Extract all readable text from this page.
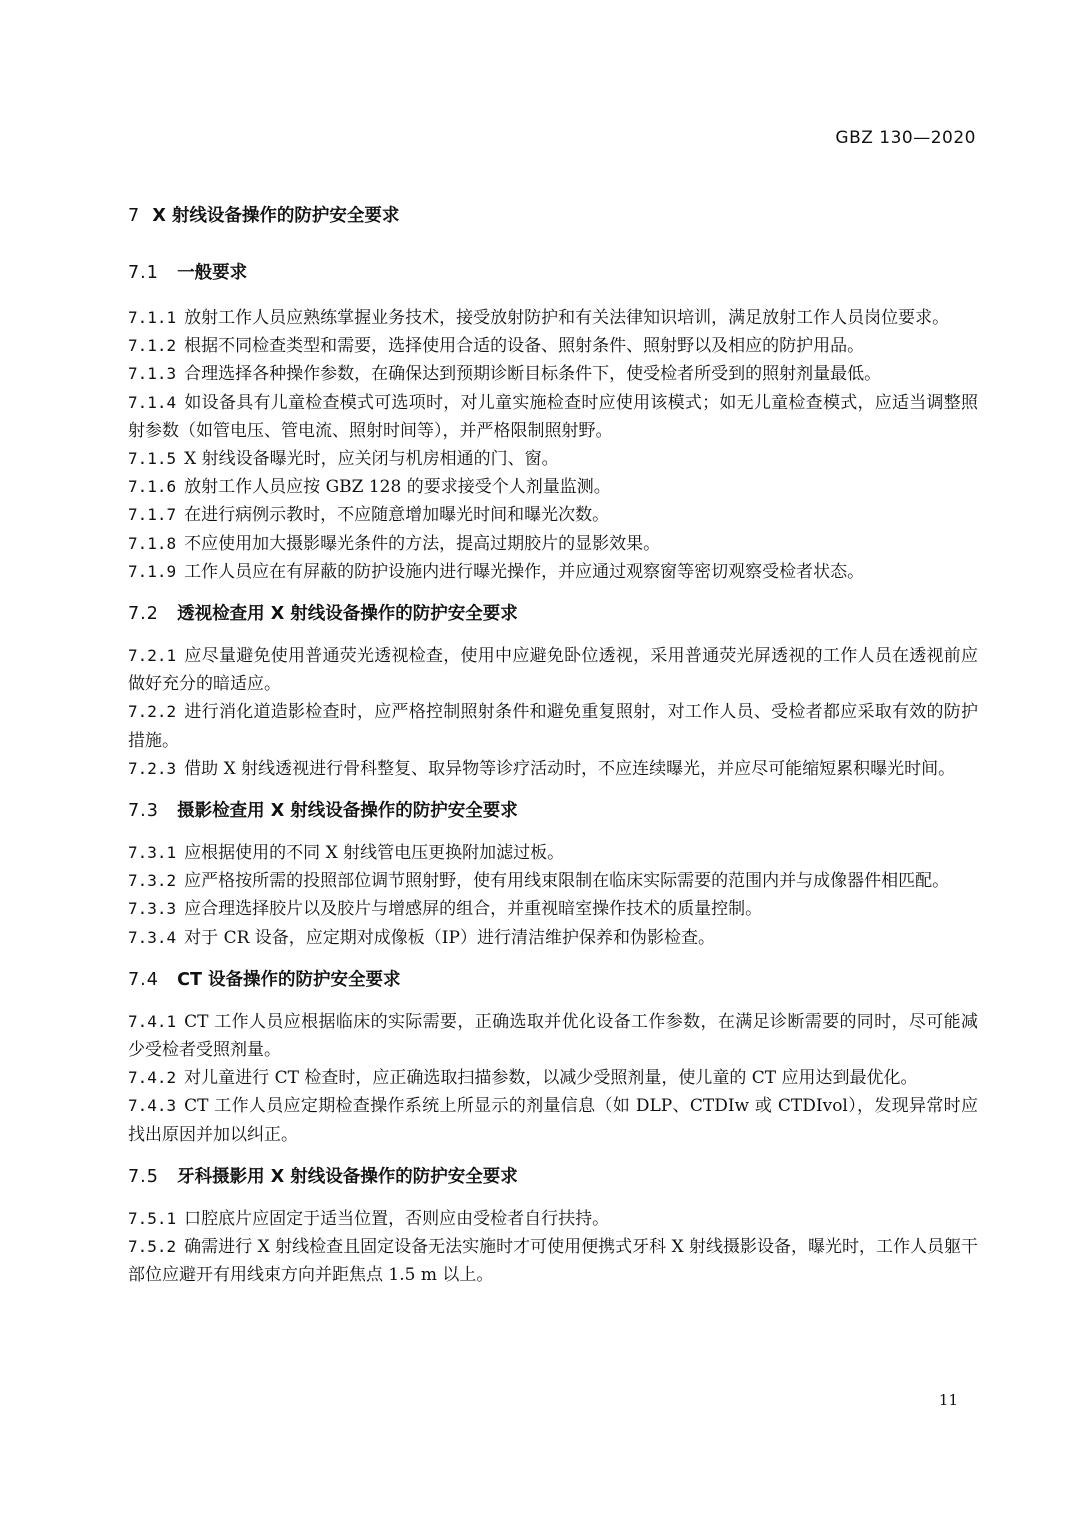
GBZ 130—2020
7 X 射线设备操作的防护安全要求
7.1 一般要求

7.1.1 放射工作人员应熟练掌握业务技术，接受放射防护和有关法律知识培训，满足放射工作人员岗位要求。

7.1.2 根据不同检查类型和需要，选择使用合适的设备、照射条件、照射野以及相应的防护用品。

7.1.3 合理选择各种操作参数，在确保达到预期诊断目标条件下，使受检者所受到的照射剂量最低。

7.1.4 如设备具有儿童检查模式可选项时，对儿童实施检查时应使用该模式；如无儿童检查模式，应适当调整照射参数（如管电压、管电流、照射时间等），并严格限制照射野。

7.1.5 X 射线设备曝光时，应关闭与机房相通的门、窗。

7.1.6 放射工作人员应按 GBZ 128 的要求接受个人剂量监测。

7.1.7 在进行病例示教时，不应随意增加曝光时间和曝光次数。

7.1.8 不应使用加大摄影曝光条件的方法，提高过期胶片的显影效果。

7.1.9 工作人员应在有屏蔽的防护设施内进行曝光操作，并应通过观察窗等密切观察受检者状态。

7.2 透视检查用 X 射线设备操作的防护安全要求

7.2.1 应尽量避免使用普通荧光透视检查，使用中应避免卧位透视，采用普通荧光屏透视的工作人员在透视前应做好充分的暗适应。

7.2.2 进行消化道造影检查时，应严格控制照射条件和避免重复照射，对工作人员、受检者都应采取有效的防护措施。

7.2.3 借助 X 射线透视进行骨科整复、取异物等诊疗活动时，不应连续曝光，并应尽可能缩短累积曝光时间。

7.3 摄影检查用 X 射线设备操作的防护安全要求

7.3.1 应根据使用的不同 X 射线管电压更换附加滤过板。

7.3.2 应严格按所需的投照部位调节照射野，使有用线束限制在临床实际需要的范围内并与成像器件相匹配。

7.3.3 应合理选择胶片以及胶片与增感屏的组合，并重视暗室操作技术的质量控制。

7.3.4 对于 CR 设备，应定期对成像板（IP）进行清洁维护保养和伪影检查。

7.4 CT 设备操作的防护安全要求

7.4.1 CT 工作人员应根据临床的实际需要，正确选取并优化设备工作参数，在满足诊断需要的同时，尽可能减少受检者受照剂量。

7.4.2 对儿童进行 CT 检查时，应正确选取扫描参数，以减少受照剂量，使儿童的 CT 应用达到最优化。

7.4.3 CT 工作人员应定期检查操作系统上所显示的剂量信息（如 DLP、CTDIw 或 CTDIvol），发现异常时应找出原因并加以纠正。

7.5 牙科摄影用 X 射线设备操作的防护安全要求

7.5.1 口腔底片应固定于适当位置，否则应由受检者自行扶持。

7.5.2 确需进行 X 射线检查且固定设备无法实施时才可使用便携式牙科 X 射线摄影设备，曝光时，工作人员躯干部位应避开有用线束方向并距焦点 1.5 m 以上。

11
